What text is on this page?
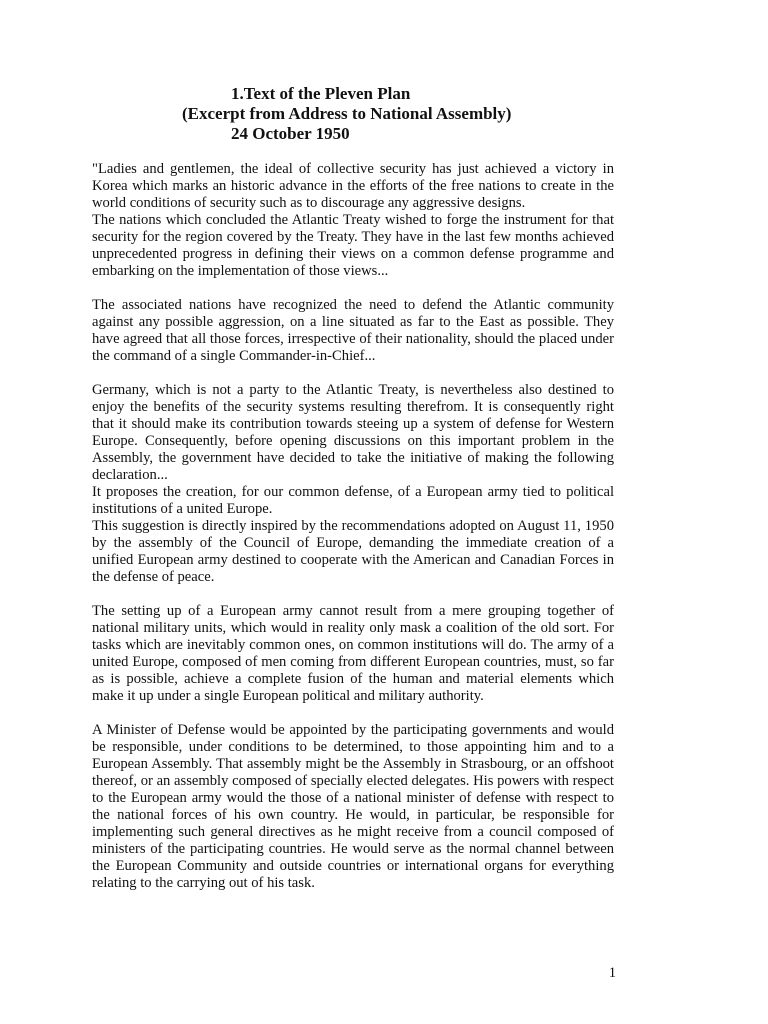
1.Text of the Pleven Plan
(Excerpt from Address to National Assembly)
24 October 1950

"Ladies and gentlemen, the ideal of collective security has just achieved a victory in Korea which marks an historic advance in the efforts of the free nations to create in the world conditions of security such as to discourage any aggressive designs.

The nations which concluded the Atlantic Treaty wished to forge the instrument for that security for the region covered by the Treaty. They have in the last few months achieved unprecedented progress in defining their views on a common defense programme and embarking on the implementation of those views...

The associated nations have recognized the need to defend the Atlantic community against any possible aggression, on a line situated as far to the East as possible. They have agreed that all those forces, irrespective of their nationality, should the placed under the command of a single Commander-in-Chief...

Germany, which is not a party to the Atlantic Treaty, is nevertheless also destined to enjoy the benefits of the security systems resulting therefrom. It is consequently right that it should make its contribution towards steeing up a system of defense for Western Europe. Consequently, before opening discussions on this important problem in the Assembly, the government have decided to take the initiative of making the following declaration...

It proposes the creation, for our common defense, of a European army tied to political institutions of a united Europe.

This suggestion is directly inspired by the recommendations adopted on August 11, 1950 by the assembly of the Council of Europe, demanding the immediate creation of a unified European army destined to cooperate with the American and Canadian Forces in the defense of peace.

The setting up of a European army cannot result from a mere grouping together of national military units, which would in reality only mask a coalition of the old sort. For tasks which are inevitably common ones, on common institutions will do. The army of a united Europe, composed of men coming from different European countries, must, so far as is possible, achieve a complete fusion of the human and material elements which make it up under a single European political and military authority.

A Minister of Defense would be appointed by the participating governments and would be responsible, under conditions to be determined, to those appointing him and to a European Assembly. That assembly might be the Assembly in Strasbourg, or an offshoot thereof, or an assembly composed of specially elected delegates. His powers with respect to the European army would the those of a national minister of defense with respect to the national forces of his own country. He would, in particular, be responsible for implementing such general directives as he might receive from a council composed of ministers of the participating countries. He would serve as the normal channel between the European Community and outside countries or international organs for everything relating to the carrying out of his task.

1
